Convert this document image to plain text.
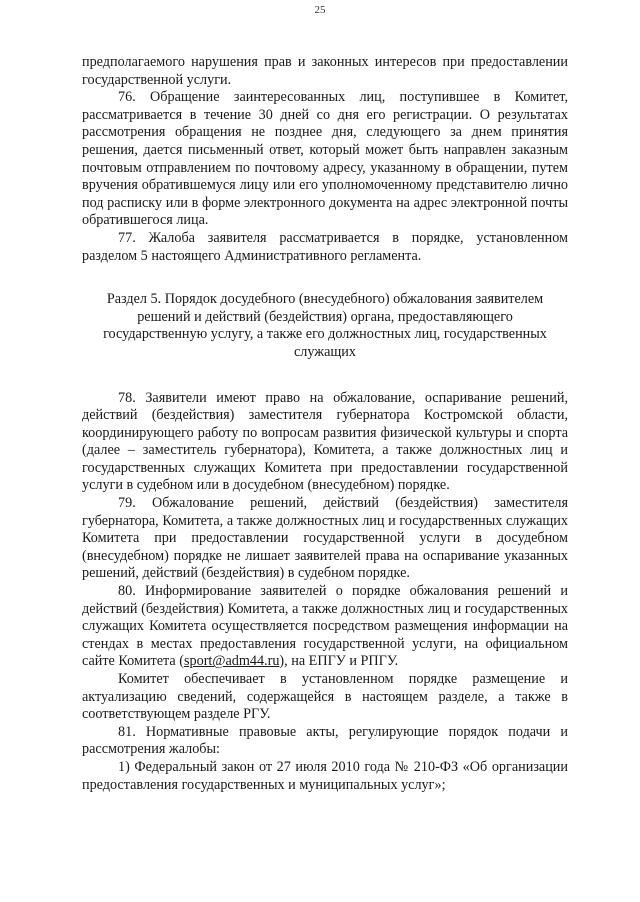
25

предполагаемого нарушения прав и законных интересов при предоставлении государственной услуги.

76. Обращение заинтересованных лиц, поступившее в Комитет, рассматривается в течение 30 дней со дня его регистрации. О результатах рассмотрения обращения не позднее дня, следующего за днем принятия решения, дается письменный ответ, который может быть направлен заказным почтовым отправлением по почтовому адресу, указанному в обращении, путем вручения обратившемуся лицу или его уполномоченному представителю лично под расписку или в форме электронного документа на адрес электронной почты обратившегося лица.

77. Жалоба заявителя рассматривается в порядке, установленном разделом 5 настоящего Административного регламента.

Раздел 5. Порядок досудебного (внесудебного) обжалования заявителем решений и действий (бездействия) органа, предоставляющего государственную услугу, а также его должностных лиц, государственных служащих

78. Заявители имеют право на обжалование, оспаривание решений, действий (бездействия) заместителя губернатора Костромской области, координирующего работу по вопросам развития физической культуры и спорта (далее – заместитель губернатора), Комитета, а также должностных лиц и государственных служащих Комитета при предоставлении государственной услуги в судебном или в досудебном (внесудебном) порядке.

79. Обжалование решений, действий (бездействия) заместителя губернатора, Комитета, а также должностных лиц и государственных служащих Комитета при предоставлении государственной услуги в досудебном (внесудебном) порядке не лишает заявителей права на оспаривание указанных решений, действий (бездействия) в судебном порядке.

80. Информирование заявителей о порядке обжалования решений и действий (бездействия) Комитета, а также должностных лиц и государственных служащих Комитета осуществляется посредством размещения информации на стендах в местах предоставления государственной услуги, на официальном сайте Комитета (sport@adm44.ru), на ЕПГУ и РПГУ.

Комитет обеспечивает в установленном порядке размещение и актуализацию сведений, содержащейся в настоящем разделе, а также в соответствующем разделе РГУ.

81. Нормативные правовые акты, регулирующие порядок подачи и рассмотрения жалобы:

1) Федеральный закон от 27 июля 2010 года № 210-ФЗ «Об организации предоставления государственных и муниципальных услуг»;
